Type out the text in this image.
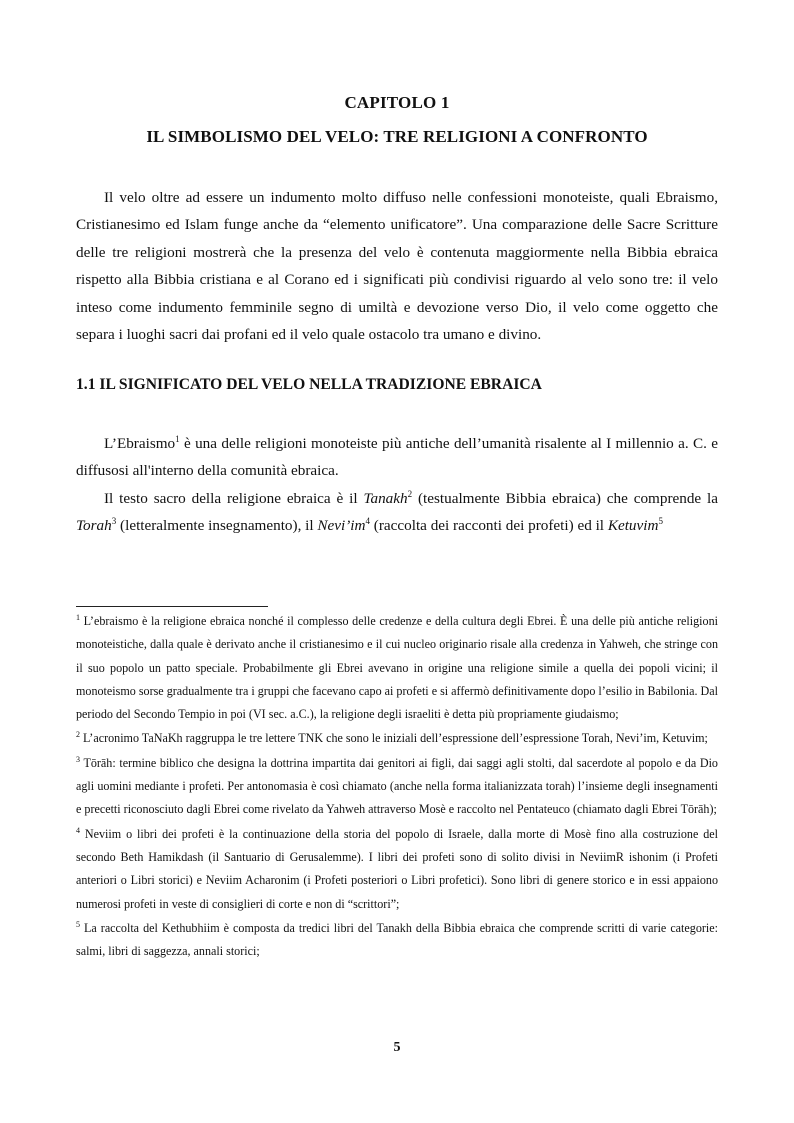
CAPITOLO 1
IL SIMBOLISMO DEL VELO: TRE RELIGIONI A CONFRONTO

Il velo oltre ad essere un indumento molto diffuso nelle confessioni monoteiste, quali Ebraismo, Cristianesimo ed Islam funge anche da “elemento unificatore”. Una comparazione delle Sacre Scritture delle tre religioni mostrerà che la presenza del velo è contenuta maggiormente nella Bibbia ebraica rispetto alla Bibbia cristiana e al Corano ed i significati più condivisi riguardo al velo sono tre: il velo inteso come indumento femminile segno di umiltà e devozione verso Dio, il velo come oggetto che separa i luoghi sacri dai profani ed il velo quale ostacolo tra umano e divino.

1.1 IL SIGNIFICATO DEL VELO NELLA TRADIZIONE EBRAICA

L’Ebraismo$^1$ è una delle religioni monoteiste più antiche dell’umanità risalente al I millennio a. C. e diffusosi all'interno della comunità ebraica.

Il testo sacro della religione ebraica è il Tanakh$^2$ (testualmente Bibbia ebraica) che comprende la Torah$^3$ (letteralmente insegnamento), il $Nevi’im^4$ (raccolta dei racconti dei profeti) ed il Ketuvim$^5$

$^1$ L’ebraismo è la religione ebraica nonché il complesso delle credenze e della cultura degli Ebrei. È una delle più antiche religioni monoteistiche, dalla quale è derivato anche il cristianesimo e il cui nucleo originario risale alla credenza in Yahweh, che stringe con il suo popolo un patto speciale. Probabilmente gli Ebrei avevano in origine una religione simile a quella dei popoli vicini; il monoteismo sorse gradualmente tra i gruppi che facevano capo ai profeti e si affermò definitivamente dopo l’esilio in Babilonia. Dal periodo del Secondo Tempio in poi (VI sec. a.C.), la religione degli israeliti è detta più propriamente giudaismo;

$^2$ L’acronimo TaNaKh raggruppa le tre lettere TNK che sono le iniziali dell’espressione dell’espressione Torah, Nevi’im, Ketuvim;

$^3$ Tōrāh: termine biblico che designa la dottrina impartita dai genitori ai figli, dai saggi agli stolti, dal sacerdote al popolo e da Dio agli uomini mediante i profeti. Per antonomasia è così chiamato (anche nella forma italianizzata torah) l’insieme degli insegnamenti e precetti riconosciuto dagli Ebrei come rivelato da Yahweh attraverso Mosè e raccolto nel Pentateuco (chiamato dagli Ebrei Tōrāh);

$^4$ Neviim o libri dei profeti è la continuazione della storia del popolo di Israele, dalla morte di Mosè fino alla costruzione del secondo Beth Hamikdash (il Santuario di Gerusalemme). I libri dei profeti sono di solito divisi in NeviimR ishonim (i Profeti anteriori o Libri storici) e Neviim Acharonim (i Profeti posteriori o Libri profetici). Sono libri di genere storico e in essi appaiono numerosi profeti in veste di consiglieri di corte e non di “scrittori”;

$^5$ La raccolta del Kethubhiim è composta da tredici libri del Tanakh della Bibbia ebraica che comprende scritti di varie categorie: salmi, libri di saggezza, annali storici;

5
